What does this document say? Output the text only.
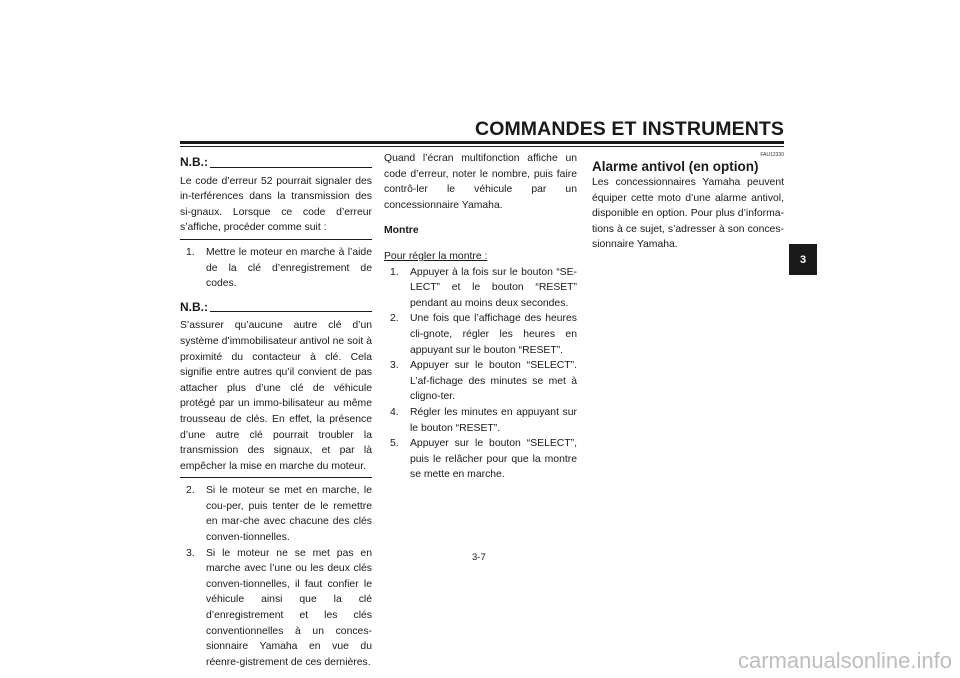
COMMANDES ET INSTRUMENTS
N.B.:

Le code d’erreur 52 pourrait signaler des in-terférences dans la transmission des si-gnaux. Lorsque ce code d’erreur s’affiche, procéder comme suit :

1.	Mettre le moteur en marche à l’aide de la clé d’enregistrement de codes.
N.B.:

S’assurer qu’aucune autre clé d’un système d’immobilisateur antivol ne soit à proximité du contacteur à clé. Cela signifie entre autres qu’il convient de pas attacher plus d’une clé de véhicule protégé par un immo-bilisateur au même trousseau de clés. En effet, la présence d’une autre clé pourrait troubler la transmission des signaux, et par là empêcher la mise en marche du moteur.

2.	Si le moteur se met en marche, le cou-per, puis tenter de le remettre en mar-che avec chacune des clés conven-tionnelles.
3.	Si le moteur ne se met pas en marche avec l’une ou les deux clés conven-tionnelles, il faut confier le véhicule ainsi que la clé d’enregistrement et les clés conventionnelles à un conces-sionnaire Yamaha en vue du réenre-gistrement de ces dernières.

Quand l’écran multifonction affiche un code d’erreur, noter le nombre, puis faire contrô-ler le véhicule par un concessionnaire Yamaha.

Montre
Pour régler la montre :
1.	Appuyer à la fois sur le bouton “SE-LECT” et le bouton “RESET” pendant au moins deux secondes.
2.	Une fois que l’affichage des heures cli-gnote, régler les heures en appuyant sur le bouton “RESET”.
3.	Appuyer sur le bouton “SELECT”. L’af-fichage des minutes se met à cligno-ter.
4.	Régler les minutes en appuyant sur le bouton “RESET”.
5.	Appuyer sur le bouton “SELECT”, puis le relâcher pour que la montre se mette en marche.
FAU12330
Alarme antivol (en option)

Les concessionnaires Yamaha peuvent équiper cette moto d’une alarme antivol, disponible en option. Pour plus d’informa-tions à ce sujet, s’adresser à son conces-sionnaire Yamaha.

3
3-7
carmanualsonline.info
